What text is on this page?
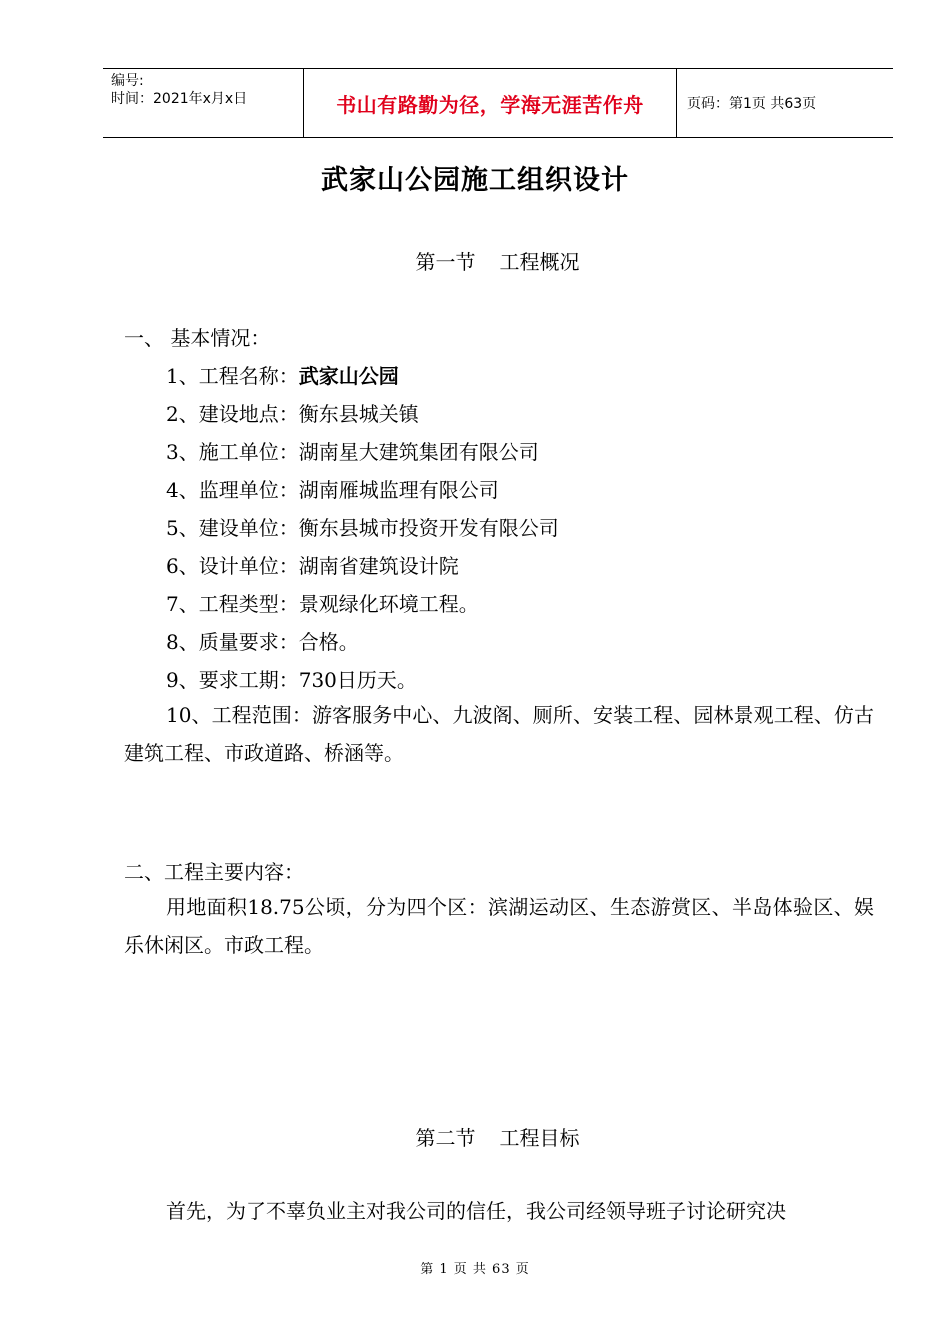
编号:
时间：2021年x月x日	书山有路勤为径，学海无涯苦作舟	页码：第1页 共63页
武家山公园施工组织设计
第一节 工程概况
一、 基本情况：
1、工程名称：武家山公园
2、建设地点：衡东县城关镇
3、施工单位：湖南星大建筑集团有限公司
4、监理单位：湖南雁城监理有限公司
5、建设单位：衡东县城市投资开发有限公司
6、设计单位：湖南省建筑设计院
7、工程类型：景观绿化环境工程。
8、质量要求：合格。
9、要求工期：730日历天。
10、工程范围：游客服务中心、九波阁、厕所、安装工程、园林景观工程、仿古建筑工程、市政道路、桥涵等。
二、工程主要内容：
用地面积18.75公顷，分为四个区：滨湖运动区、生态游赏区、半岛体验区、娱乐休闲区。市政工程。
第二节 工程目标
首先，为了不辜负业主对我公司的信任，我公司经领导班子讨论研究决
第 1 页 共 63 页
